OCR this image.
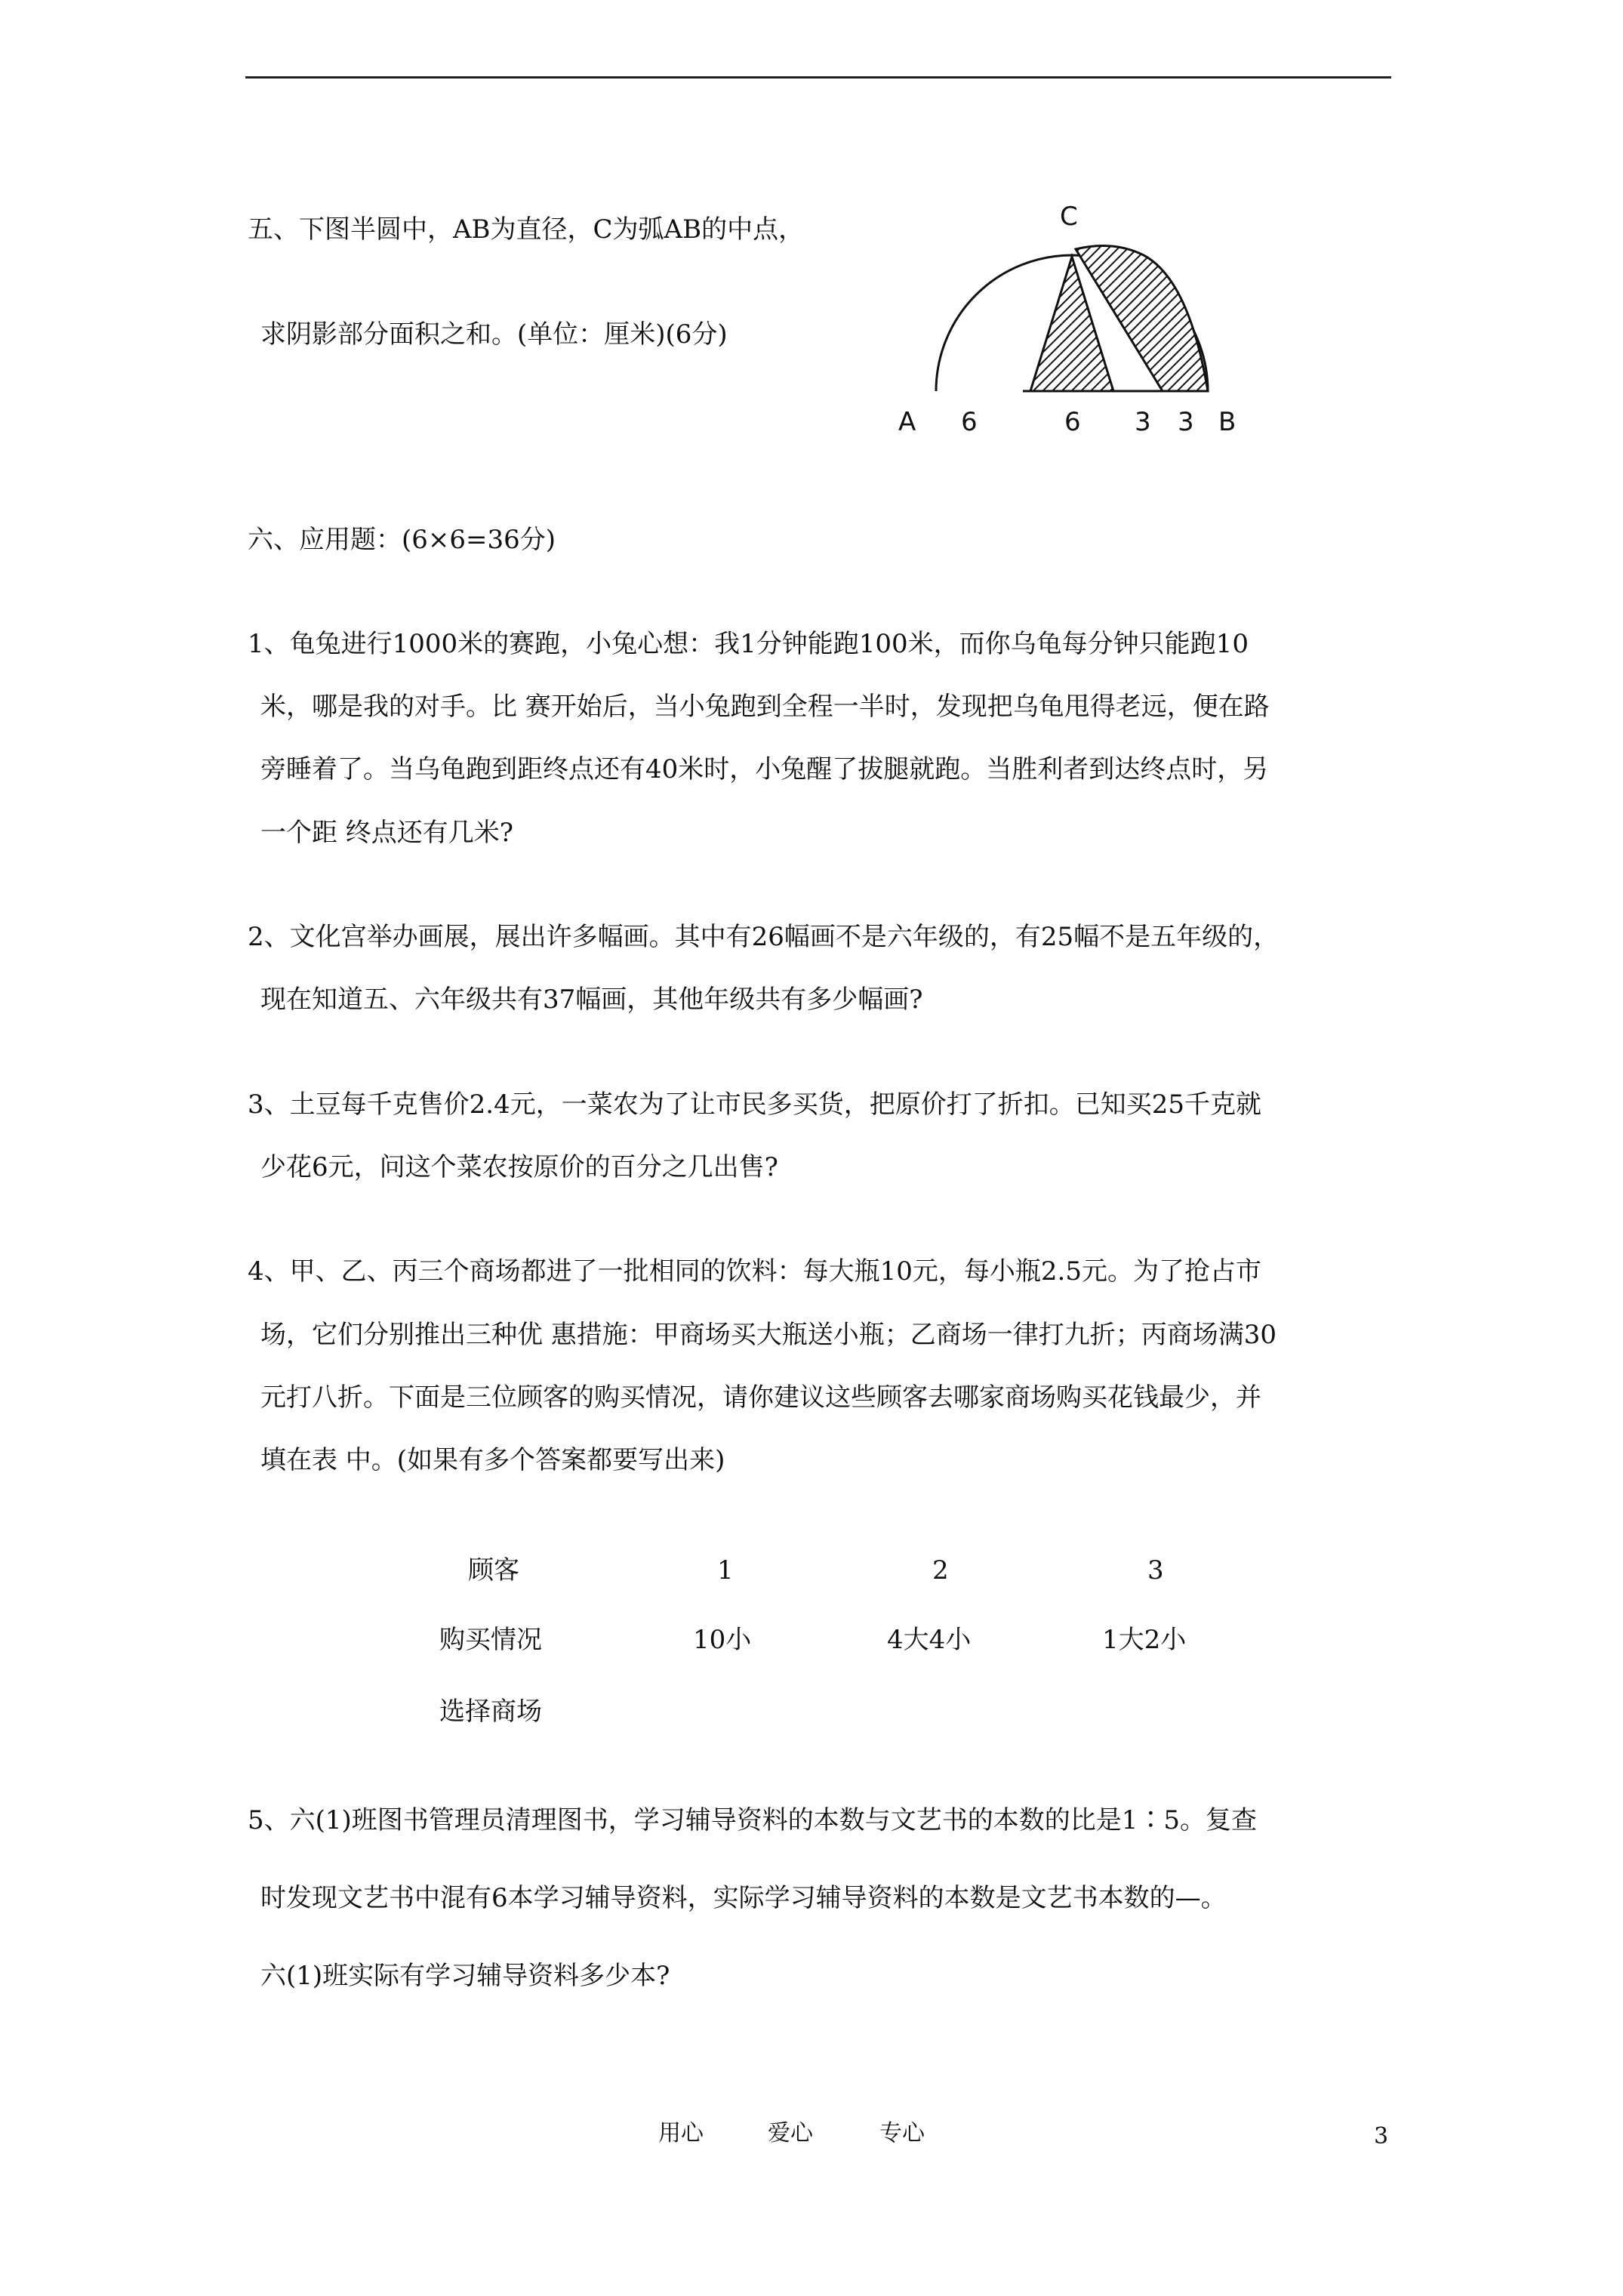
五、下图半圆中，AB为直径，C为弧AB的中点，
求阴影部分面积之和。(单位：厘米)(6分)
C
A 6	6 3 3 B
六、应用题：(6×6=36分)
1、龟兔进行1000米的赛跑，小兔心想：我1分钟能跑100米，而你乌龟每分钟只能跑10
米，哪是我的对手。比 赛开始后，当小兔跑到全程一半时，发现把乌龟甩得老远，便在路
旁睡着了。当乌龟跑到距终点还有40米时，小兔醒了拔腿就跑。当胜利者到达终点时，另
一个距 终点还有几米?
2、文化宫举办画展，展出许多幅画。其中有26幅画不是六年级的，有25幅不是五年级的，
现在知道五、六年级共有37幅画，其他年级共有多少幅画?
3、土豆每千克售价2.4元，一菜农为了让市民多买货，把原价打了折扣。已知买25千克就
少花6元，问这个菜农按原价的百分之几出售?
4、甲、乙、丙三个商场都进了一批相同的饮料：每大瓶10元，每小瓶2.5元。为了抢占市
场，它们分别推出三种优 惠措施：甲商场买大瓶送小瓶；乙商场一律打九折；丙商场满30
元打八折。下面是三位顾客的购买情况，请你建议这些顾客去哪家商场购买花钱最少，并
填在表 中。(如果有多个答案都要写出来)
顾客	1	2	3
购买情况	10小	4大4小	1大2小
选择商场
5、六(1)班图书管理员清理图书，学习辅导资料的本数与文艺书的本数的比是1∶5。复查
时发现文艺书中混有6本学习辅导资料，实际学习辅导资料的本数是文艺书本数的—。
六(1)班实际有学习辅导资料多少本?
用心	爱心	专心	3
